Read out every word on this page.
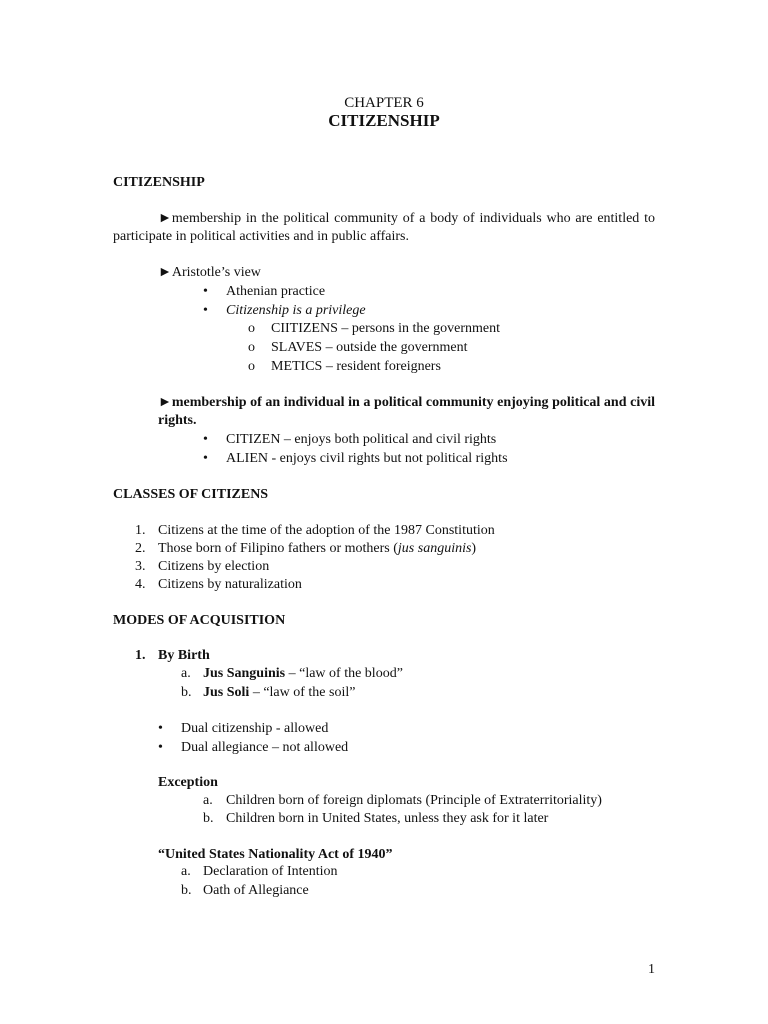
CHAPTER 6
CITIZENSHIP
CITIZENSHIP
►membership in the political community of a body of individuals who are entitled to participate in political activities and in public affairs.
►Aristotle’s view
• Athenian practice
• Citizenship is a privilege
o CIITIZENS – persons in the government
o SLAVES – outside the government
o METICS – resident foreigners
►membership of an individual in a political community enjoying political and civil rights.
• CITIZEN – enjoys both political and civil rights
• ALIEN - enjoys civil rights but not political rights
CLASSES OF CITIZENS
1. Citizens at the time of the adoption of the 1987 Constitution
2. Those born of Filipino fathers or mothers (jus sanguinis)
3. Citizens by election
4. Citizens by naturalization
MODES OF ACQUISITION
1. By Birth
a. Jus Sanguinis – “law of the blood”
b. Jus Soli – “law of the soil”
• Dual citizenship - allowed
• Dual allegiance – not allowed
Exception
a. Children born of foreign diplomats (Principle of Extraterritoriality)
b. Children born in United States, unless they ask for it later
“United States Nationality Act of 1940”
a. Declaration of Intention
b. Oath of Allegiance
1
